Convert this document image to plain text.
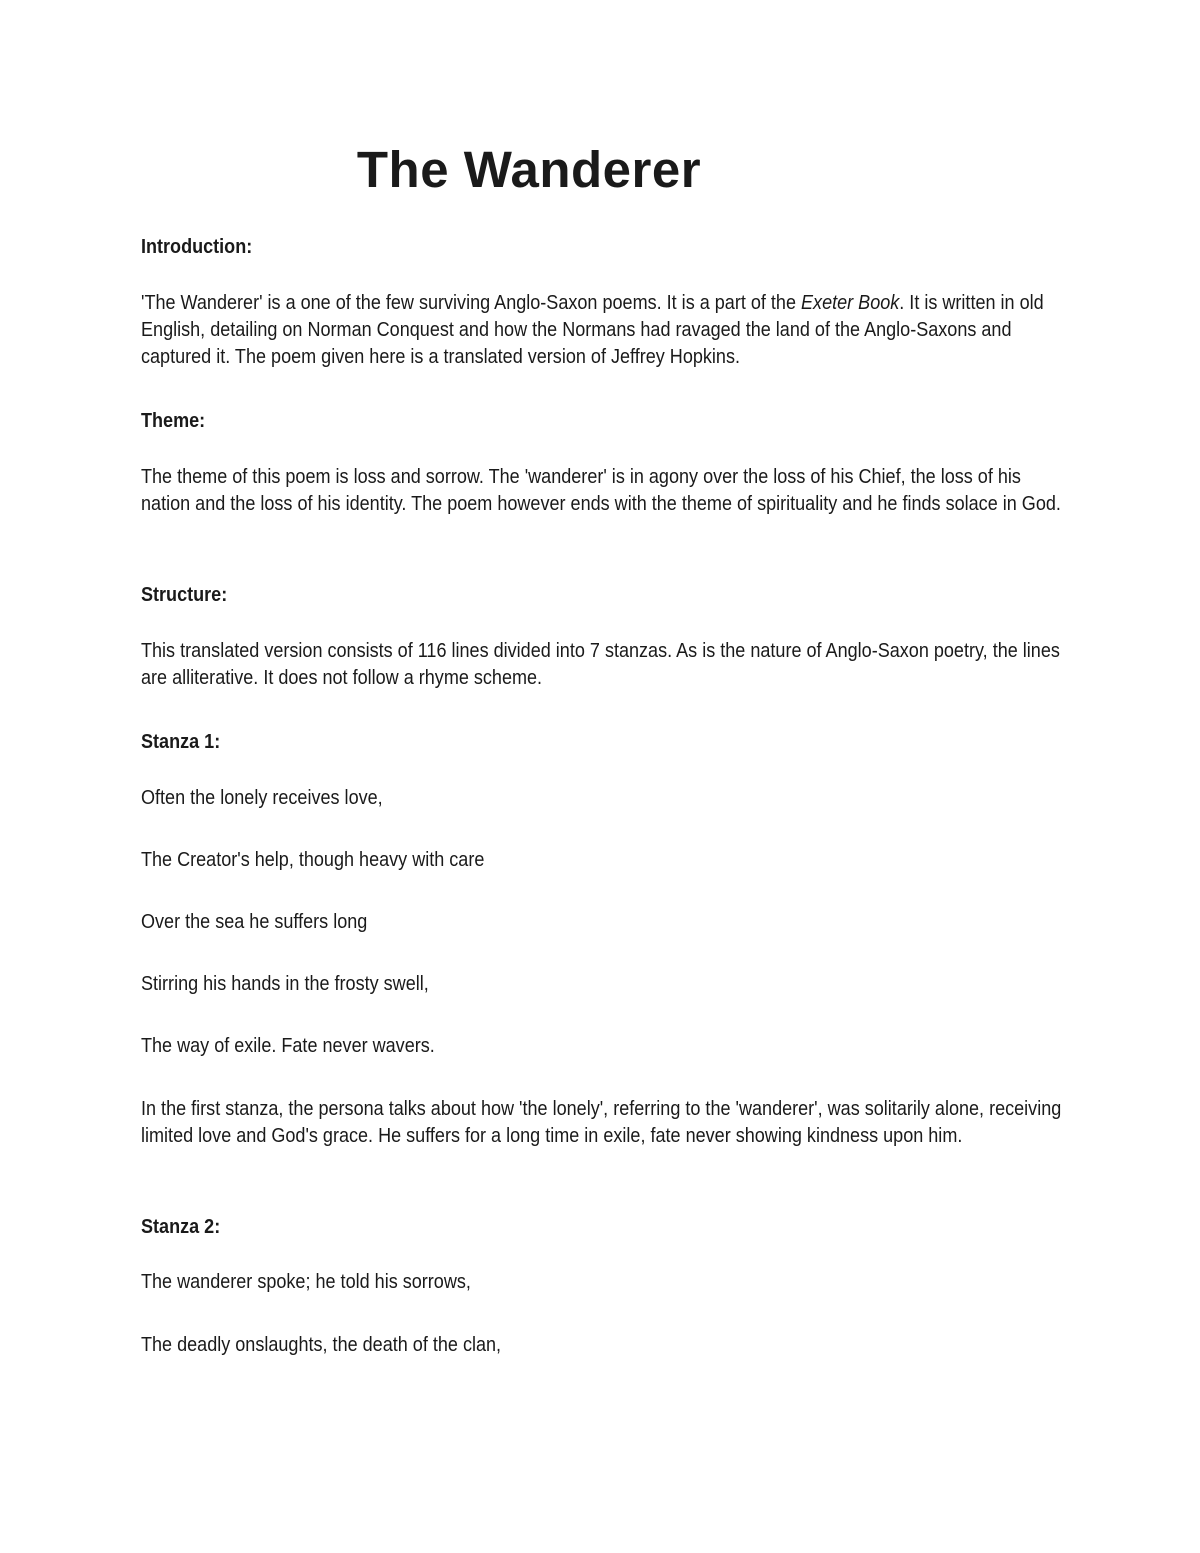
The Wanderer

Introduction:

'The Wanderer' is a one of the few surviving Anglo-Saxon poems. It is a part of the Exeter Book. It is written in old English, detailing on Norman Conquest and how the Normans had ravaged the land of the Anglo-Saxons and captured it. The poem given here is a translated version of Jeffrey Hopkins.

Theme:

The theme of this poem is loss and sorrow. The 'wanderer' is in agony over the loss of his Chief, the loss of his nation and the loss of his identity. The poem however ends with the theme of spirituality and he finds solace in God.

Structure:

This translated version consists of 116 lines divided into 7 stanzas. As is the nature of Anglo-Saxon poetry, the lines are alliterative. It does not follow a rhyme scheme.

Stanza 1:

Often the lonely receives love,

The Creator's help, though heavy with care

Over the sea he suffers long

Stirring his hands in the frosty swell,

The way of exile. Fate never wavers.

In the first stanza, the persona talks about how 'the lonely', referring to the 'wanderer', was solitarily alone, receiving limited love and God's grace. He suffers for a long time in exile, fate never showing kindness upon him.

Stanza 2:

The wanderer spoke; he told his sorrows,

The deadly onslaughts, the death of the clan,
